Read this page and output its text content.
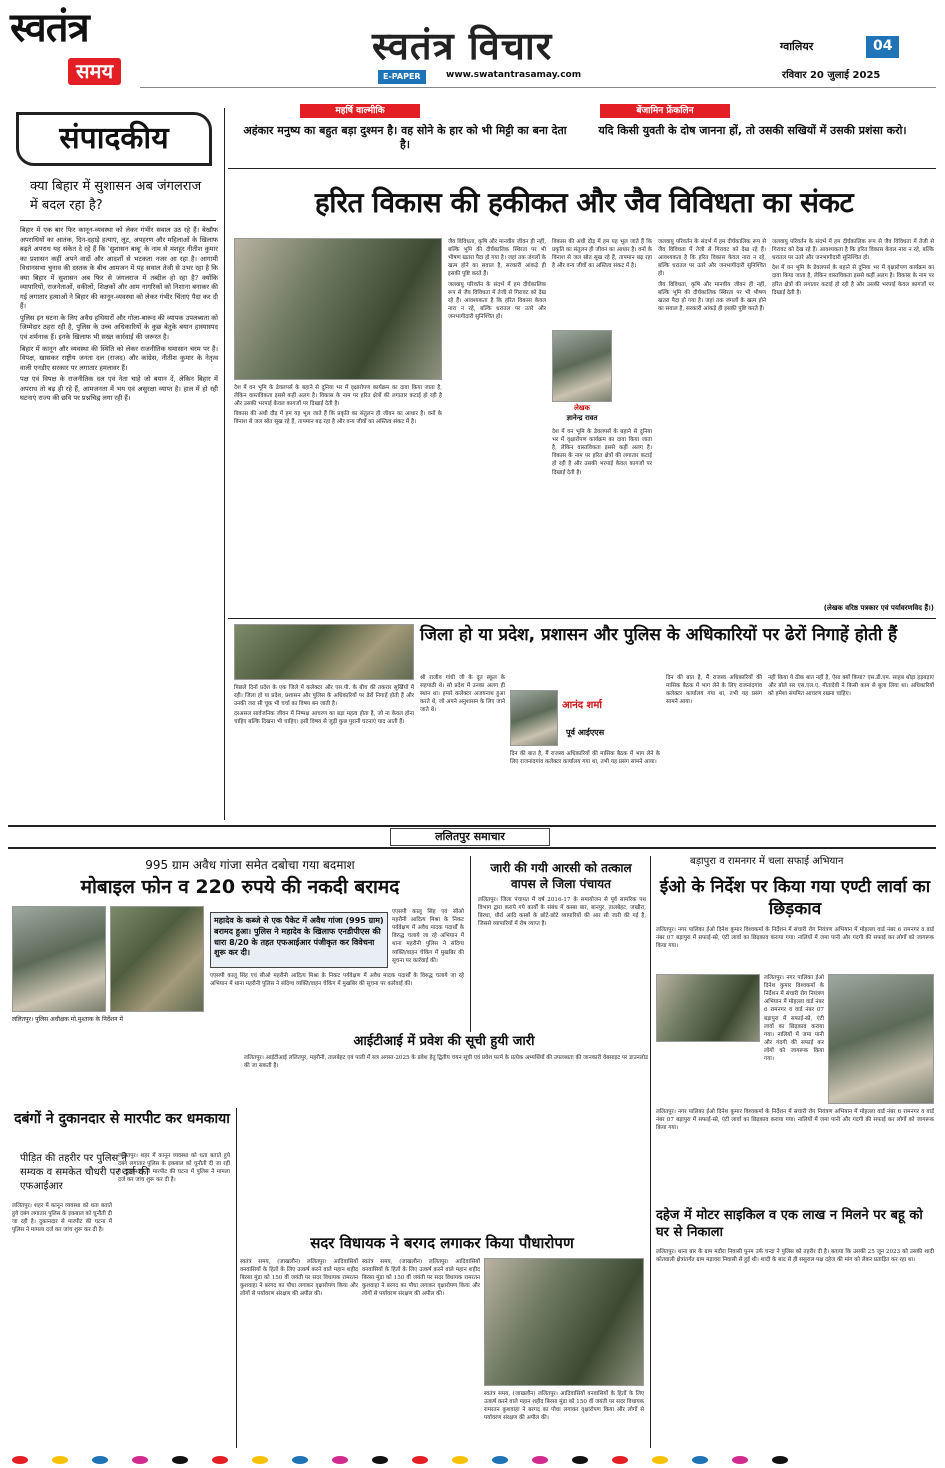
स्वतंत्र
समय
स्वतंत्र विचार
E-PAPER	www.swatantrasamay.com
ग्वालियर	04
रविवार 20 जुलाई 2025
महर्षि वाल्मीकि
अहंकार मनुष्य का बहुत बड़ा दुश्मन है। वह सोने के हार को भी मिट्टी का बना देता है।
बेंजामिन फ्रेंकलिन
यदि किसी युवती के दोष जानना हों, तो उसकी सखियों में उसकी प्रशंसा करो।
संपादकीय
क्या बिहार में सुशासन अब जंगलराज में बदल रहा है?

बिहार में एक बार फिर कानून-व्यवस्था को लेकर गंभीर सवाल उठ रहे हैं। बेखौफ अपराधियों का आतंक, दिन-दहाड़े हत्याएं, लूट, अपहरण और महिलाओं के खिलाफ बढ़ते अपराध यह संकेत दे रहे हैं कि 'सुशासन बाबू' के नाम से मशहूर नीतीश कुमार का प्रशासन कहीं अपने वादों और आदर्शों से भटकता नजर आ रहा है। आगामी विधानसभा चुनाव की दस्तक के बीच आमजन में यह सवाल तेजी से उभर रहा है कि क्या बिहार में सुशासन अब फिर से जंगलराज में तब्दील हो रहा है? क्योंकि व्यापारियों, राजनेताओं, वकीलों, शिक्षकों और आम नागरिकों को निशाना बनाकर की गई लगातार हत्याओं ने बिहार की कानून-व्यवस्था को लेकर गंभीर चिंताएं पैदा कर दी हैं।

पुलिस इन घटना के लिए अवैध हथियारों और गोला-बारूद की व्यापक उपलब्धता को जिम्मेदार ठहरा रही है, पुलिस के उच्च अधिकारियों के कुछ बेतुके बयान हास्यास्पद एवं शर्मनाक हैं। इनके खिलाफ भी सख्त कार्रवाई की जरूरत है।

बिहार में कानून और व्यवस्था की स्थिति को लेकर राजनीतिक घमासान चरम पर है। विपक्ष, खासकर राष्ट्रीय जनता दल (राजद) और कांग्रेस, नीतीश कुमार के नेतृत्व वाली एनडीए सरकार पर लगातार हमलावर हैं।

पक्ष एवं विपक्ष के राजनीतिक दल एवं नेता चाहे जो बयान दें, लेकिन बिहार में अपराध तो बढ़ ही रहे हैं, आमजनता में भय एवं असुरक्षा व्याप्त है। हाल में हो रही घटनाएं राज्य की छवि पर प्रश्नचिह्न लगा रही हैं।

हरित विकास की हकीकत और जैव विविधता का संकट

देश में वन भूमि के डेवलपर्स के बहाने से दुनिया भर में वृक्षारोपण कार्यक्रम का दावा किया जाता है, लेकिन वास्तविकता इससे कहीं अलग है। विकास के नाम पर हरित क्षेत्रों की लगातार कटाई हो रही है और उसकी भरपाई केवल कागजों पर दिखाई देती है।

विकास की अंधी दौड़ में हम यह भूल जाते हैं कि प्रकृति का संतुलन ही जीवन का आधार है। वनों के विनाश से जल स्रोत सूख रहे हैं, तापमान बढ़ रहा है और वन्य जीवों का अस्तित्व संकट में है।

जैव विविधता, कृषि और मानवीय जीवन ही नहीं, बल्कि भूमि की दीर्घकालिक स्थिरता पर भी भीषण खतरा पैदा हो गया है। जहां तक जंगलों के खत्म होने का सवाल है, सरकारी आंकड़े ही इसकी पुष्टि करते हैं।

जलवायु परिवर्तन के संदर्भ में हम दीर्घकालिक रूप से जैव विविधता में तेजी से गिरावट को देख रहे हैं। आवश्यकता है कि हरित विकास केवल नारा न रहे, बल्कि धरातल पर उतरे और जनभागीदारी सुनिश्चित हो।

लेखक
ज्ञानेन्द्र रावत

विकास की अंधी दौड़ में हम यह भूल जाते हैं कि प्रकृति का संतुलन ही जीवन का आधार है। वनों के विनाश से जल स्रोत सूख रहे हैं, तापमान बढ़ रहा है और वन्य जीवों का अस्तित्व संकट में है।

देश में वन भूमि के डेवलपर्स के बहाने से दुनिया भर में वृक्षारोपण कार्यक्रम का दावा किया जाता है, लेकिन वास्तविकता इससे कहीं अलग है। विकास के नाम पर हरित क्षेत्रों की लगातार कटाई हो रही है और उसकी भरपाई केवल कागजों पर दिखाई देती है।

जलवायु परिवर्तन के संदर्भ में हम दीर्घकालिक रूप से जैव विविधता में तेजी से गिरावट को देख रहे हैं। आवश्यकता है कि हरित विकास केवल नारा न रहे, बल्कि धरातल पर उतरे और जनभागीदारी सुनिश्चित हो।

जैव विविधता, कृषि और मानवीय जीवन ही नहीं, बल्कि भूमि की दीर्घकालिक स्थिरता पर भी भीषण खतरा पैदा हो गया है। जहां तक जंगलों के खत्म होने का सवाल है, सरकारी आंकड़े ही इसकी पुष्टि करते हैं।

जलवायु परिवर्तन के संदर्भ में हम दीर्घकालिक रूप से जैव विविधता में तेजी से गिरावट को देख रहे हैं। आवश्यकता है कि हरित विकास केवल नारा न रहे, बल्कि धरातल पर उतरे और जनभागीदारी सुनिश्चित हो।

देश में वन भूमि के डेवलपर्स के बहाने से दुनिया भर में वृक्षारोपण कार्यक्रम का दावा किया जाता है, लेकिन वास्तविकता इससे कहीं अलग है। विकास के नाम पर हरित क्षेत्रों की लगातार कटाई हो रही है और उसकी भरपाई केवल कागजों पर दिखाई देती है।

(लेखक वरिष्ठ पत्रकार एवं पर्यावरणविद हैं।)
जिला हो या प्रदेश, प्रशासन और पुलिस के अधिकारियों पर ढेरों निगाहें होती हैं

पिछले दिनों प्रदेश के एक जिले में कलेक्टर और एस.पी. के बीच की तकरार सुर्खियों में रही। जिला हो या प्रदेश, प्रशासन और पुलिस के अधिकारियों पर ढेरों निगाहें होती हैं और उनकी जरा सी चूक भी चर्चा का विषय बन जाती है।

दरअसल सार्वजनिक जीवन में निष्पक्ष आचरण का बड़ा महत्व होता है, जो ना केवल होना चाहिए बल्कि दिखना भी चाहिए। इसी विषय से जुड़ी कुछ पुरानी घटनाएं याद आती हैं।

श्री राजीव गांधी जी के दूत स्कूल के सहपाठी थे। सो प्रदेश में उनका अलग ही स्थान था। हमारे कलेक्टर अजयनाथ हुआ करते थे, जो अपने अनुशासन के लिए जाने जाते थे।	आनंद शर्मा
पूर्व आईएएस

दिन की बात है, मैं राजस्व अधिकारियों की मासिक बैठक में भाग लेने के लिए राजनांदगांव कलेक्टर कार्यालय गया था, तभी यह प्रसंग सामने आया।

दिन की बात है, मैं राजस्व अधिकारियों की मासिक बैठक में भाग लेने के लिए राजनांदगांव कलेक्टर कार्यालय गया था, तभी यह प्रसंग सामने आया।

नहीं किया ये ठीक बात नहीं है, ऐसा क्यों किया? एस.डी.एम. साहब थोड़ा हड़बड़ाए और बोले सर एस.एल.ए. मीतादेवी ने किसी काम से बुला लिया था। अधिकारियों को हमेशा संयमित आचरण रखना चाहिए।

ललितपुर समाचार
995 ग्राम अवैध गांजा समेत दबोचा गया बदमाश
मोबाइल फोन व 220 रुपये की नकदी बरामद
महादेव के कब्जे से एक पैकेट में अवैध गांजा (995 ग्राम) बरामद हुआ। पुलिस ने महादेव के खिलाफ एनडीपीएस की धारा 8/20 के तहत एफआईआर पंजीकृत कर विवेचना शुरू कर दी।
एएसपी कालू सिंह एवं सीओ महरौनी आदित्य मिश्रा के निकट पर्यवेक्षण में अवैध मादक पदार्थों के विरुद्ध चलाये जा रहे अभियान में थाना महरौनी पुलिस ने संदिग्ध व्यक्ति/वाहन चेकिंग में मुखबिर की सूचना पर कार्रवाई की।
एएसपी कालू सिंह एवं सीओ महरौनी आदित्य मिश्रा के निकट पर्यवेक्षण में अवैध मादक पदार्थों के विरुद्ध चलाये जा रहे अभियान में थाना महरौनी पुलिस ने संदिग्ध व्यक्ति/वाहन चेकिंग में मुखबिर की सूचना पर कार्रवाई की।
ललितपुर। पुलिस अधीक्षक मो.मुश्ताक के निर्देशन में
जारी की गयी आरसी को तत्काल वापस ले जिला पंचायत
ललितपुर। जिला पंचायत में वर्ष 2016-17 के समायोजन से पूर्व सामरिक पथ विभाग द्वारा कराये गये कार्यों के संबंध में कस्बा बार, बानपुर, तालबेहट, जखौरा, बिरधा, धौर्रा आदि कस्बों के छोटे-छोटे व्यापारियों की आर सी जारी की गई है, जिससे व्यापारियों में रोष व्याप्त है।
आईटीआई में प्रवेश की सूची हुयी जारी
ललितपुर। आईटीआई ललितपुर, महरौनी, तालबेहट एवं पाली में सत्र अगस्त-2025 के प्रवेश हेतु द्वितीय चयन सूची एवं प्रवेश फार्म के प्रत्येक अभ्यर्थियों की उपलब्धता की जानकारी वेबसाइट पर डाउनलोड की जा सकती है।
बड़ापुरा व रामनगर में चला सफाई अभियान
ईओ के निर्देश पर किया गया एण्टी लार्वा का छिड़काव
ललितपुर। नगर पालिका ईओ दिनेश कुमार विश्वकर्मा के निर्देशन में संचारी रोग नियंत्रण अभियान में मोहल्ला वार्ड नंबर 6 रामनगर व वार्ड नंबर 07 बड़ापुरा में सफाई-स्प्रे, एंटी लार्वा का छिड़काव कराया गया। नालियों में जमा पानी और गंदगी की सफाई कर लोगों को जागरूक किया गया।
ललितपुर। नगर पालिका ईओ दिनेश कुमार विश्वकर्मा के निर्देशन में संचारी रोग नियंत्रण अभियान में मोहल्ला वार्ड नंबर 6 रामनगर व वार्ड नंबर 07 बड़ापुरा में सफाई-स्प्रे, एंटी लार्वा का छिड़काव कराया गया। नालियों में जमा पानी और गंदगी की सफाई कर लोगों को जागरूक किया गया।
ललितपुर। नगर पालिका ईओ दिनेश कुमार विश्वकर्मा के निर्देशन में संचारी रोग नियंत्रण अभियान में मोहल्ला वार्ड नंबर 6 रामनगर व वार्ड नंबर 07 बड़ापुरा में सफाई-स्प्रे, एंटी लार्वा का छिड़काव कराया गया। नालियों में जमा पानी और गंदगी की सफाई कर लोगों को जागरूक किया गया।
दबंगों ने दुकानदार से मारपीट कर धमकाया
पीड़ित की तहरीर पर पुलिस ने सम्यक व समकेत चौधरी पर दर्ज की एफआईआर
ललितपुर। शहर में कानून व्यवस्था को धता बताते हुये दबंग लगातार पुलिस के इकबाल को चुनौती दी जा रही है। दुकानदार से मारपीट की घटना में पुलिस ने मामला दर्ज कर जांच शुरू कर दी है।
ललितपुर। शहर में कानून व्यवस्था को धता बताते हुये दबंग लगातार पुलिस के इकबाल को चुनौती दी जा रही है। दुकानदार से मारपीट की घटना में पुलिस ने मामला दर्ज कर जांच शुरू कर दी है।
सदर विधायक ने बरगद लगाकर किया पौधारोपण
स्वतंत्र समय, (जाखलौन) ललितपुर। आदिवासियों वनवासियों के हितों के लिए उत्कर्ष करने वाले महान शहीद बिरसा मुंडा को 150 वीं जयंती पर सदर विधायक रामरतन कुशवाहा ने बरगद का पौधा लगाकर वृक्षारोपण किया और लोगों से पर्यावरण संरक्षण की अपील की।
स्वतंत्र समय, (जाखलौन) ललितपुर। आदिवासियों वनवासियों के हितों के लिए उत्कर्ष करने वाले महान शहीद बिरसा मुंडा को 150 वीं जयंती पर सदर विधायक रामरतन कुशवाहा ने बरगद का पौधा लगाकर वृक्षारोपण किया और लोगों से पर्यावरण संरक्षण की अपील की।
स्वतंत्र समय, (जाखलौन) ललितपुर। आदिवासियों वनवासियों के हितों के लिए उत्कर्ष करने वाले महान शहीद बिरसा मुंडा को 150 वीं जयंती पर सदर विधायक रामरतन कुशवाहा ने बरगद का पौधा लगाकर वृक्षारोपण किया और लोगों से पर्यावरण संरक्षण की अपील की।
दहेज में मोटर साइकिल व एक लाख न मिलने पर बहू को घर से निकाला
ललितपुर। थाना बार के ग्राम मदौरा निवासी पुनम उर्फ चन्दा ने पुलिस को तहरीर दी है। बताया कि उसकी 25 जून 2023 को उसकी शादी कोतवाली क्षेत्रांतर्गत ग्राम मड़ावरा निवासी से हुई थी। शादी के बाद से ही ससुराल पक्ष दहेज की मांग को लेकर प्रताड़ित कर रहा था।
